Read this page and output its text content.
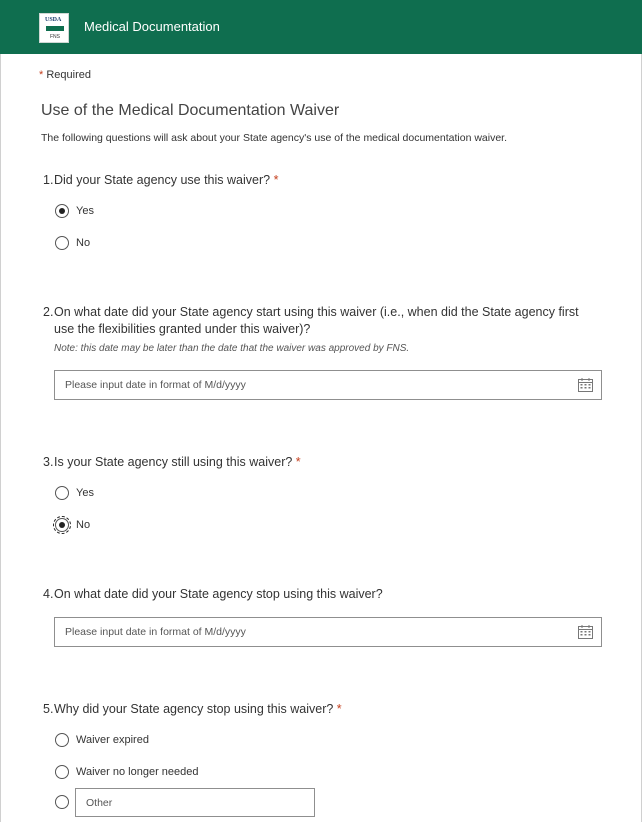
USDA
FNS
Medical Documentation
* Required
Use of the Medical Documentation Waiver
The following questions will ask about your State agency's use of the medical documentation waiver.
1.Did your State agency use this waiver? *
Yes
No
2.On what date did your State agency start using this waiver (i.e., when did the State agency first use the flexibilities granted under this waiver)?
Note: this date may be later than the date that the waiver was approved by FNS.
Please input date in format of M/d/yyyy
3.Is your State agency still using this waiver? *
Yes
No
4.On what date did your State agency stop using this waiver?
Please input date in format of M/d/yyyy
5.Why did your State agency stop using this waiver? *
Waiver expired
Waiver no longer needed
Other
